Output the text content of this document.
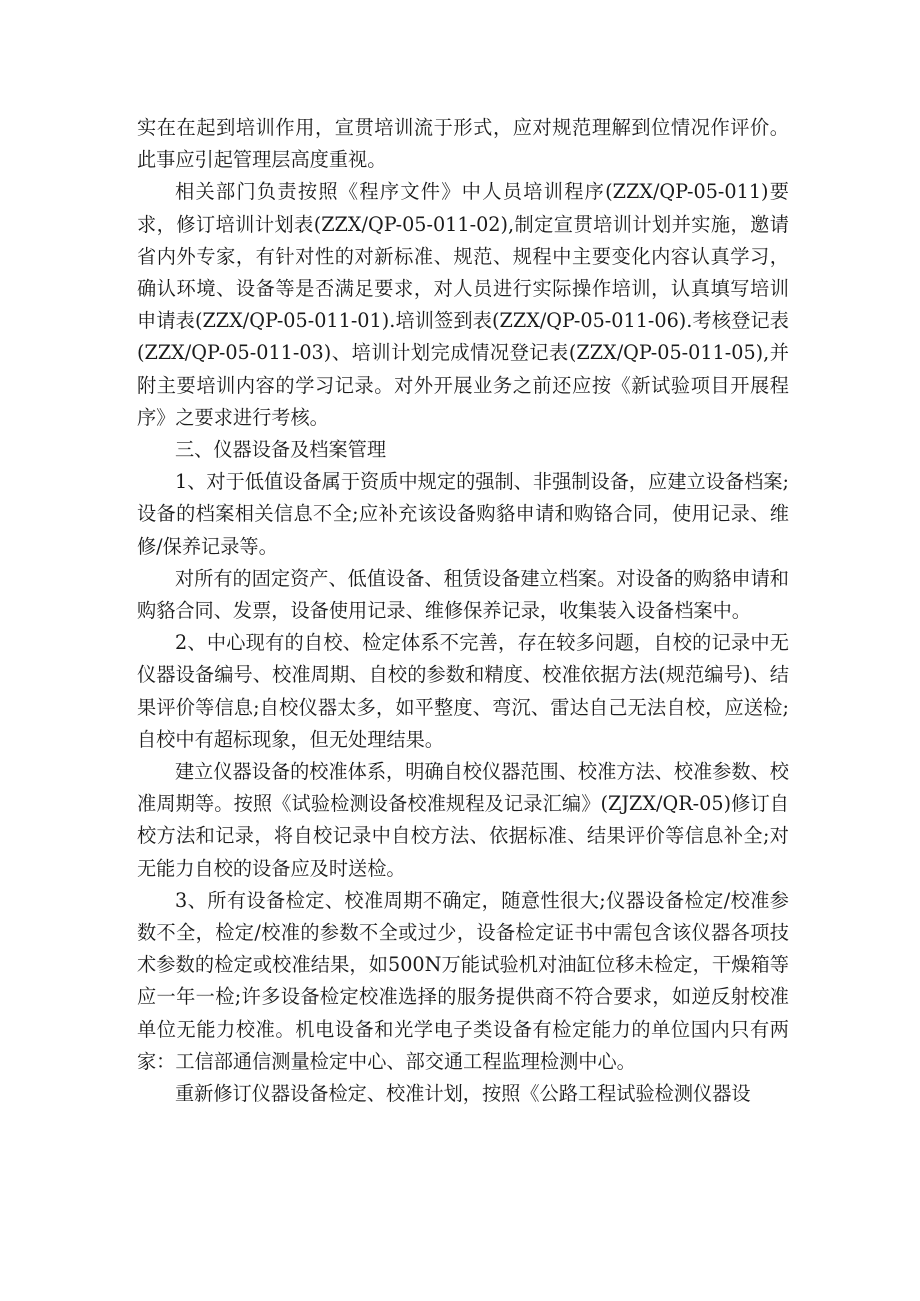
实在在起到培训作用，宣贯培训流于形式，应对规范理解到位情况作评价。此事应引起管理层高度重视。

相关部门负责按照《程序文件》中人员培训程序(ZZX/QP-05-011)要求，修订培训计划表(ZZX/QP-05-011-02),制定宣贯培训计划并实施，邀请省内外专家，有针对性的对新标准、规范、规程中主要变化内容认真学习，确认环境、设备等是否满足要求，对人员进行实际操作培训，认真填写培训申请表(ZZX/QP-05-011-01).培训签到表(ZZX/QP-05-011-06).考核登记表(ZZX/QP-05-011-03)、培训计划完成情况登记表(ZZX/QP-05-011-05),并附主要培训内容的学习记录。对外开展业务之前还应按《新试验项目开展程序》之要求进行考核。

三、仪器设备及档案管理

1、对于低值设备属于资质中规定的强制、非强制设备，应建立设备档案;设备的档案相关信息不全;应补充该设备购貉申请和购铬合同，使用记录、维修/保养记录等。

对所有的固定资产、低值设备、租赁设备建立档案。对设备的购貉申请和购貉合同、发票，设备使用记录、维修保养记录，收集装入设备档案中。

2、中心现有的自校、检定体系不完善，存在较多问题，自校的记录中无仪器设备编号、校准周期、自校的参数和精度、校准依据方法(规范编号)、结果评价等信息;自校仪器太多，如平整度、弯沉、雷达自己无法自校，应送检;自校中有超标现象，但无处理结果。

建立仪器设备的校准体系，明确自校仪器范围、校准方法、校准参数、校准周期等。按照《试验检测设备校准规程及记录汇编》(ZJZX/QR-05)修订自校方法和记录，将自校记录中自校方法、依据标准、结果评价等信息补全;对无能力自校的设备应及时送检。

3、所有设备检定、校准周期不确定，随意性很大;仪器设备检定/校准参数不全，检定/校准的参数不全或过少，设备检定证书中需包含该仪器各项技术参数的检定或校准结果，如500N万能试验机对油缸位移未检定，干燥箱等应一年一检;许多设备检定校准选择的服务提供商不符合要求，如逆反射校准单位无能力校准。机电设备和光学电子类设备有检定能力的单位国内只有两家：工信部通信测量检定中心、部交通工程监理检测中心。

重新修订仪器设备检定、校准计划，按照《公路工程试验检测仪器设
